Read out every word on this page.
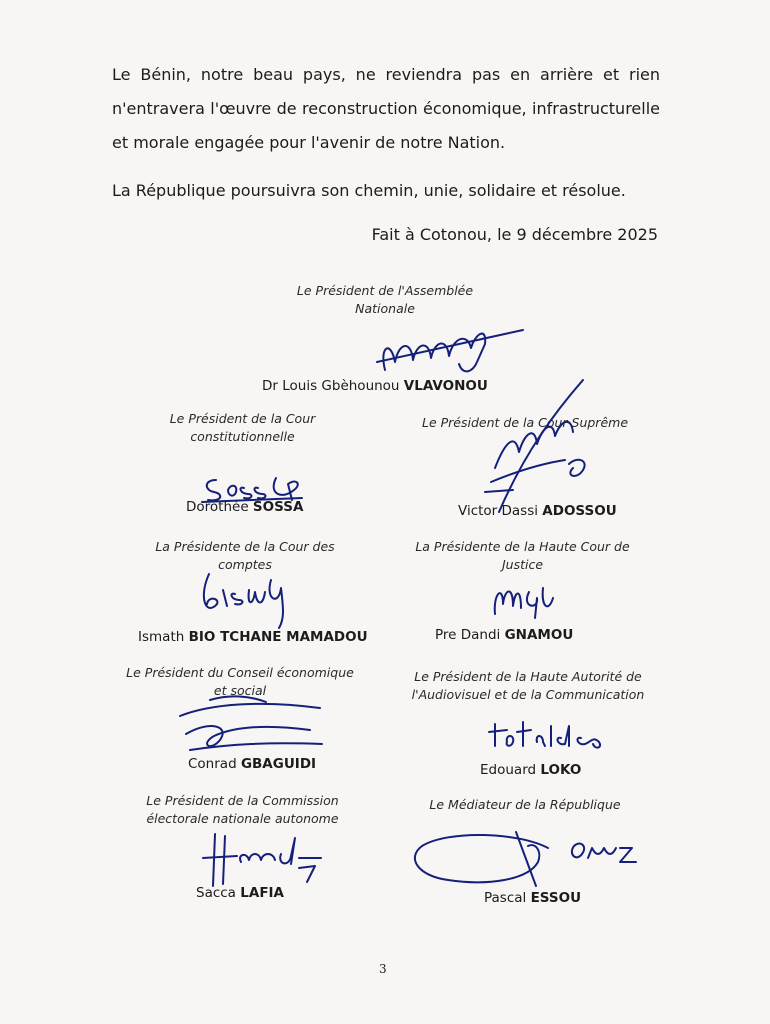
Le Bénin, notre beau pays, ne reviendra pas en arrière et rien n'entravera l'œuvre de reconstruction économique, infrastructurelle et morale engagée pour l'avenir de notre Nation.

La République poursuivra son chemin, unie, solidaire et résolue.

Fait à Cotonou, le 9 décembre 2025
Le Président de l'Assemblée Nationale
Dr Louis Gbèhounou VLAVONOU
Le Président de la Cour constitutionnelle
Dorothée SOSSA
Le Président de la Cour Suprême
Victor Dassi ADOSSOU
La Présidente de la Cour des comptes
Ismath BIO TCHANE MAMADOU
La Présidente de la Haute Cour de Justice
Pre Dandi GNAMOU
Le Président du Conseil économique et social
Conrad GBAGUIDI
Le Président de la Haute Autorité de l'Audiovisuel et de la Communication
Edouard LOKO
Le Président de la Commission électorale nationale autonome
Sacca LAFIA
Le Médiateur de la République
Pascal ESSOU
3
